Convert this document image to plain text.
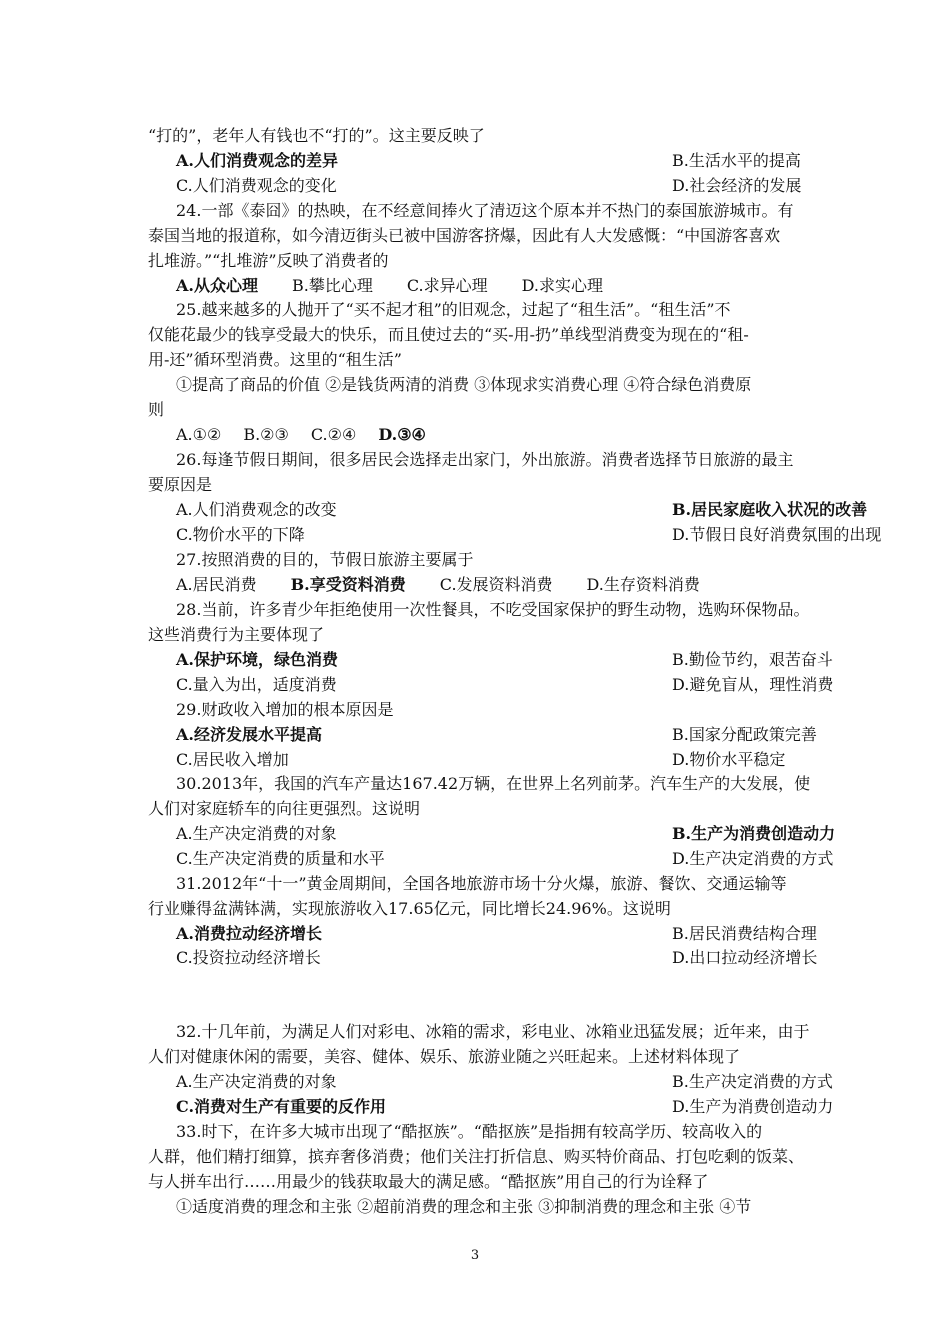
“打的”，老年人有钱也不“打的”。这主要反映了
A.人们消费观念的差异	B.生活水平的提高
C.人们消费观念的变化	D.社会经济的发展
24.一部《泰囧》的热映，在不经意间捧火了清迈这个原本并不热门的泰国旅游城市。有
泰国当地的报道称，如今清迈街头已被中国游客挤爆，因此有人大发感慨：“中国游客喜欢
扎堆游。”“扎堆游”反映了消费者的
A.从众心理 B.攀比心理 C.求异心理 D.求实心理
25.越来越多的人抛开了“买不起才租”的旧观念，过起了“租生活”。“租生活”不
仅能花最少的钱享受最大的快乐，而且使过去的“买-用-扔”单线型消费变为现在的“租-
用-还”循环型消费。这里的“租生活”
①提高了商品的价值 ②是钱货两清的消费 ③体现求实消费心理 ④符合绿色消费原
则
A.①② B.②③ C.②④ D.③④
26.每逢节假日期间，很多居民会选择走出家门，外出旅游。消费者选择节日旅游的最主
要原因是
A.人们消费观念的改变	B.居民家庭收入状况的改善
C.物价水平的下降	D.节假日良好消费氛围的出现
27.按照消费的目的，节假日旅游主要属于
A.居民消费 B.享受资料消费 C.发展资料消费 D.生存资料消费
28.当前，许多青少年拒绝使用一次性餐具，不吃受国家保护的野生动物，选购环保物品。
这些消费行为主要体现了
A.保护环境，绿色消费	B.勤俭节约，艰苦奋斗
C.量入为出，适度消费	D.避免盲从，理性消费
29.财政收入增加的根本原因是
A.经济发展水平提高	B.国家分配政策完善
C.居民收入增加	D.物价水平稳定
30.2013年，我国的汽车产量达167.42万辆，在世界上名列前茅。汽车生产的大发展，使
人们对家庭轿车的向往更强烈。这说明
A.生产决定消费的对象	B.生产为消费创造动力
C.生产决定消费的质量和水平	D.生产决定消费的方式
31.2012年“十一”黄金周期间，全国各地旅游市场十分火爆，旅游、餐饮、交通运输等
行业赚得盆满钵满，实现旅游收入17.65亿元，同比增长24.96%。这说明
A.消费拉动经济增长	B.居民消费结构合理
C.投资拉动经济增长	D.出口拉动经济增长
32.十几年前，为满足人们对彩电、冰箱的需求，彩电业、冰箱业迅猛发展；近年来，由于
人们对健康休闲的需要，美容、健体、娱乐、旅游业随之兴旺起来。上述材料体现了
A.生产决定消费的对象	B.生产决定消费的方式
C.消费对生产有重要的反作用	D.生产为消费创造动力
33.时下，在许多大城市出现了“酷抠族”。“酷抠族”是指拥有较高学历、较高收入的
人群，他们精打细算，摈弃奢侈消费；他们关注打折信息、购买特价商品、打包吃剩的饭菜、
与人拼车出行……用最少的钱获取最大的满足感。“酷抠族”用自己的行为诠释了
①适度消费的理念和主张 ②超前消费的理念和主张 ③抑制消费的理念和主张 ④节
3
